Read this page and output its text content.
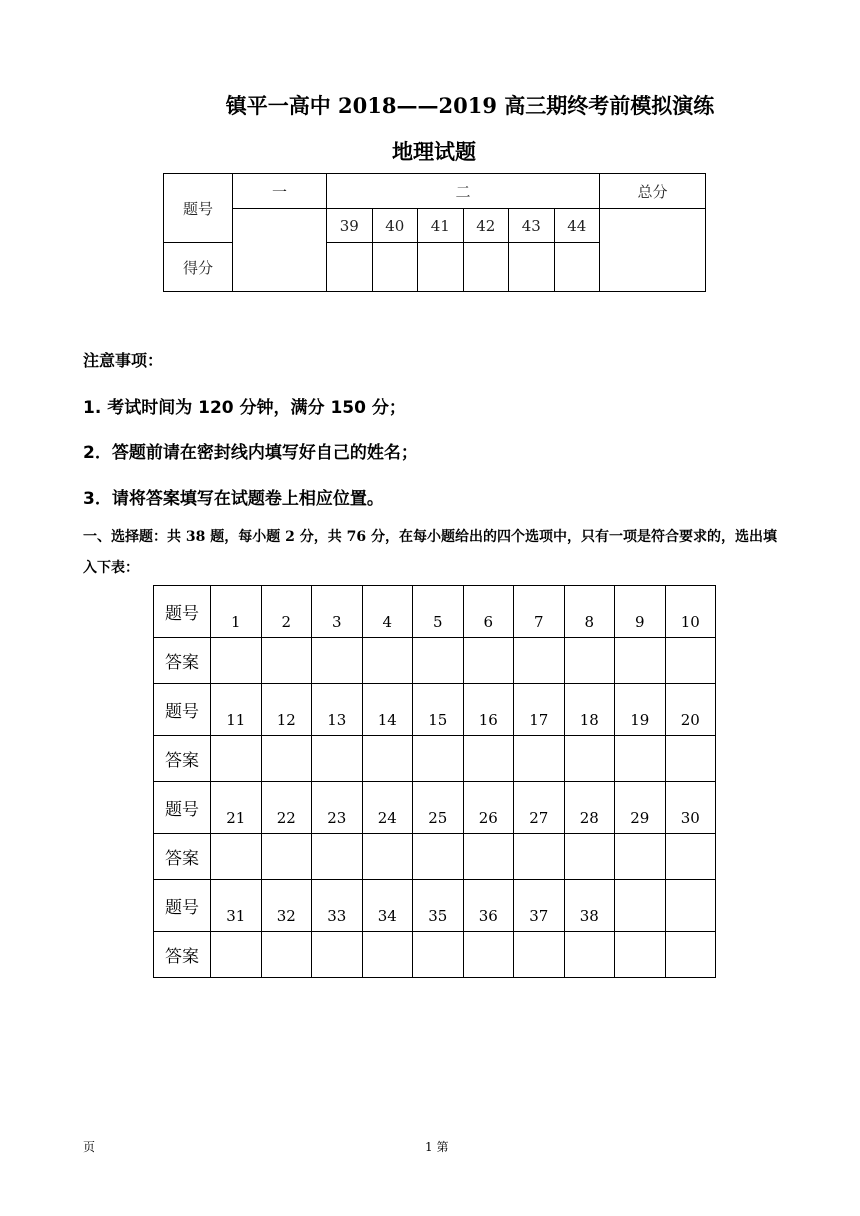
镇平一高中 2018——2019 高三期终考前模拟演练
地理试题
题号	一	二						总分
		39	40	41	42	43	44	
得分								
注意事项：
1. 考试时间为 120 分钟，满分 150 分；
2．答题前请在密封线内填写好自己的姓名；
3．请将答案填写在试题卷上相应位置。
一、选择题：共 38 题，每小题 2 分，共 76 分，在每小题给出的四个选项中，只有一项是符合要求的，选出填入下表：
题号	1	2	3	4	5	6	7	8	9	10
答案										
题号	11	12	13	14	15	16	17	18	19	20
答案										
题号	21	22	23	24	25	26	27	28	29	30
答案										
题号	31	32	33	34	35	36	37	38		
答案										
页	1 第
